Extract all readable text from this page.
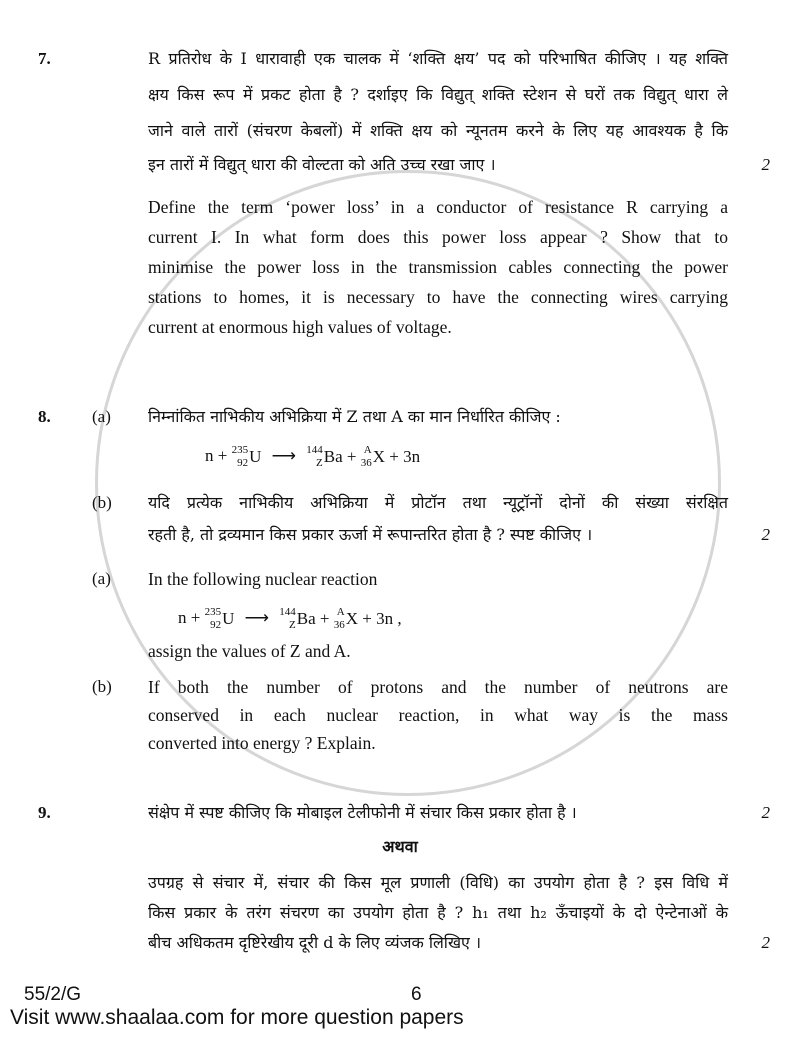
7.	R प्रतिरोध के I धारावाही एक चालक में ‘शक्ति क्षय’ पद को परिभाषित कीजिए । यह शक्ति
क्षय किस रूप में प्रकट होता है ? दर्शाइए कि विद्युत् शक्ति स्टेशन से घरों तक विद्युत् धारा ले
जाने वाले तारों (संचरण केबलों) में शक्ति क्षय को न्यूनतम करने के लिए यह आवश्यक है कि
इन तारों में विद्युत् धारा की वोल्टता को अति उच्च रखा जाए ।	2
Define the term ‘power loss’ in a conductor of resistance R carrying a
current I. In what form does this power loss appear ? Show that to
minimise the power loss in the transmission cables connecting the power
stations to homes, it is necessary to have the connecting wires carrying
current at enormous high values of voltage.
8.	(a)	निम्नांकित नाभिकीय अभिक्रिया में Z तथा A का मान निर्धारित कीजिए :
n + 235
92 U ⟶ 144
Z Ba +
A
36 X + 3n
(b)	यदि प्रत्येक नाभिकीय अभिक्रिया में प्रोटॉन तथा न्यूट्रॉनों दोनों की संख्या संरक्षित
रहती है, तो द्रव्यमान किस प्रकार ऊर्जा में रूपान्तरित होता है ? स्पष्ट कीजिए ।	2
(a)	In the following nuclear reaction
n + 235
92 U ⟶ 144
Z Ba +
A
36 X + 3n ,
assign the values of Z and A.
(b)	If both the number of protons and the number of neutrons are
conserved in each nuclear reaction, in what way is the mass
converted into energy ? Explain.
9.	संक्षेप में स्पष्ट कीजिए कि मोबाइल टेलीफोनी में संचार किस प्रकार होता है ।	2
अथवा
उपग्रह से संचार में, संचार की किस मूल प्रणाली (विधि) का उपयोग होता है ? इस विधि में
किस प्रकार के तरंग संचरण का उपयोग होता है ? h₁ तथा h₂ ऊँचाइयों के दो ऐन्टेनाओं के
बीच अधिकतम दृष्टिरेखीय दूरी d के लिए व्यंजक लिखिए ।	2
55/2/G	6
Visit www.shaalaa.com for more question papers
